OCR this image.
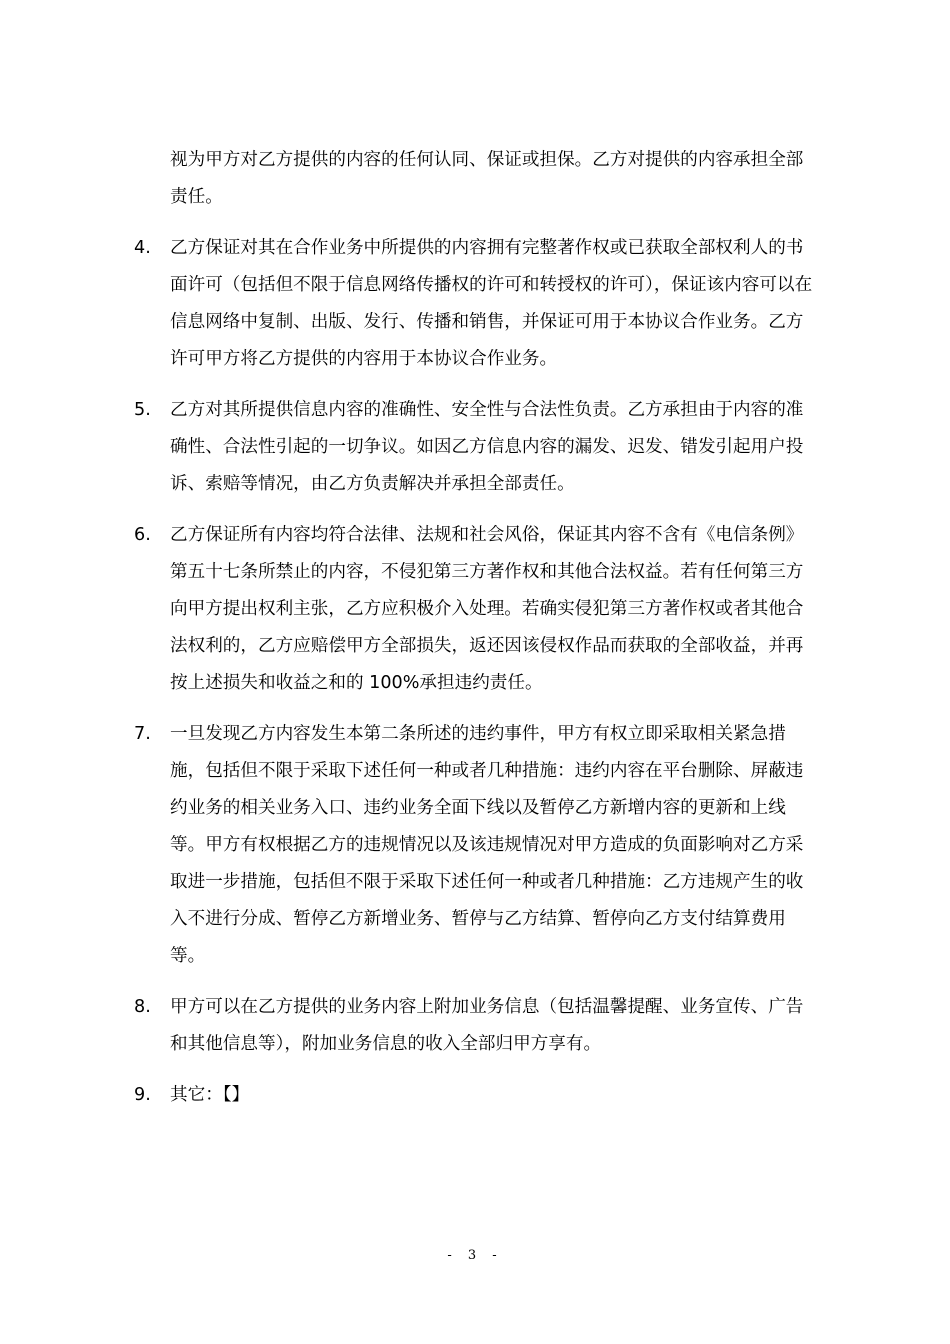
视为甲方对乙方提供的内容的任何认同、保证或担保。乙方对提供的内容承担全部责任。
4.	乙方保证对其在合作业务中所提供的内容拥有完整著作权或已获取全部权利人的书面许可（包括但不限于信息网络传播权的许可和转授权的许可），保证该内容可以在信息网络中复制、出版、发行、传播和销售，并保证可用于本协议合作业务。乙方许可甲方将乙方提供的内容用于本协议合作业务。
5.	乙方对其所提供信息内容的准确性、安全性与合法性负责。乙方承担由于内容的准确性、合法性引起的一切争议。如因乙方信息内容的漏发、迟发、错发引起用户投诉、索赔等情况，由乙方负责解决并承担全部责任。
6.	乙方保证所有内容均符合法律、法规和社会风俗，保证其内容不含有《电信条例》第五十七条所禁止的内容，不侵犯第三方著作权和其他合法权益。若有任何第三方向甲方提出权利主张，乙方应积极介入处理。若确实侵犯第三方著作权或者其他合法权利的，乙方应赔偿甲方全部损失，返还因该侵权作品而获取的全部收益，并再按上述损失和收益之和的 100%承担违约责任。
7.	一旦发现乙方内容发生本第二条所述的违约事件，甲方有权立即采取相关紧急措施，包括但不限于采取下述任何一种或者几种措施：违约内容在平台删除、屏蔽违约业务的相关业务入口、违约业务全面下线以及暂停乙方新增内容的更新和上线等。甲方有权根据乙方的违规情况以及该违规情况对甲方造成的负面影响对乙方采取进一步措施，包括但不限于采取下述任何一种或者几种措施：乙方违规产生的收入不进行分成、暂停乙方新增业务、暂停与乙方结算、暂停向乙方支付结算费用等。
8.	甲方可以在乙方提供的业务内容上附加业务信息（包括温馨提醒、业务宣传、广告和其他信息等），附加业务信息的收入全部归甲方享有。
9.	其它：【】
- 3 -
